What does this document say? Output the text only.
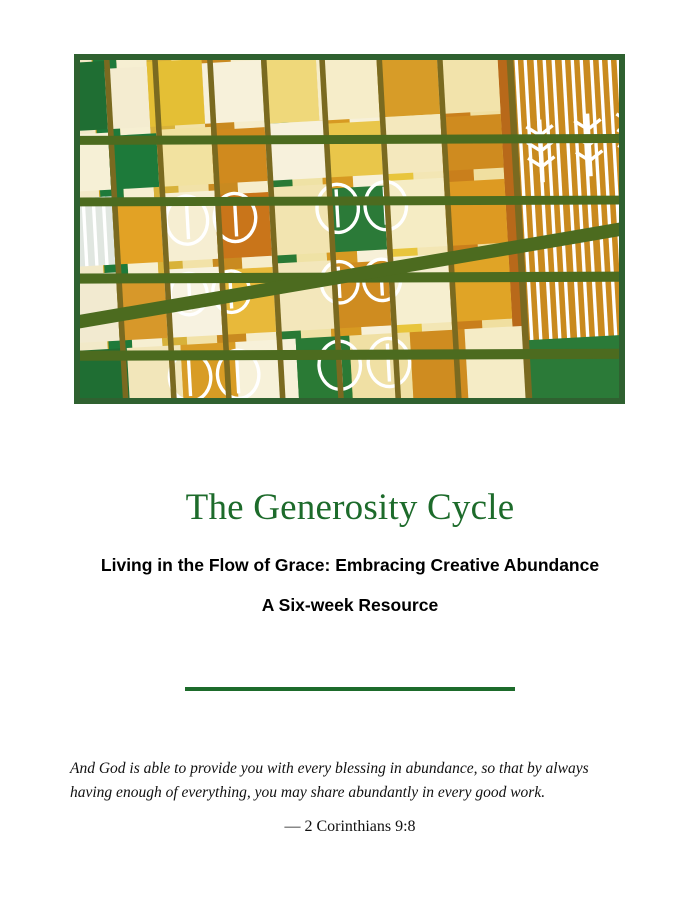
The Generosity Cycle

Living in the Flow of Grace: Embracing Creative Abundance

A Six-week Resource

And God is able to provide you with every blessing in abundance, so that by always having enough of everything, you may share abundantly in every good work.
— 2 Corinthians 9:8
